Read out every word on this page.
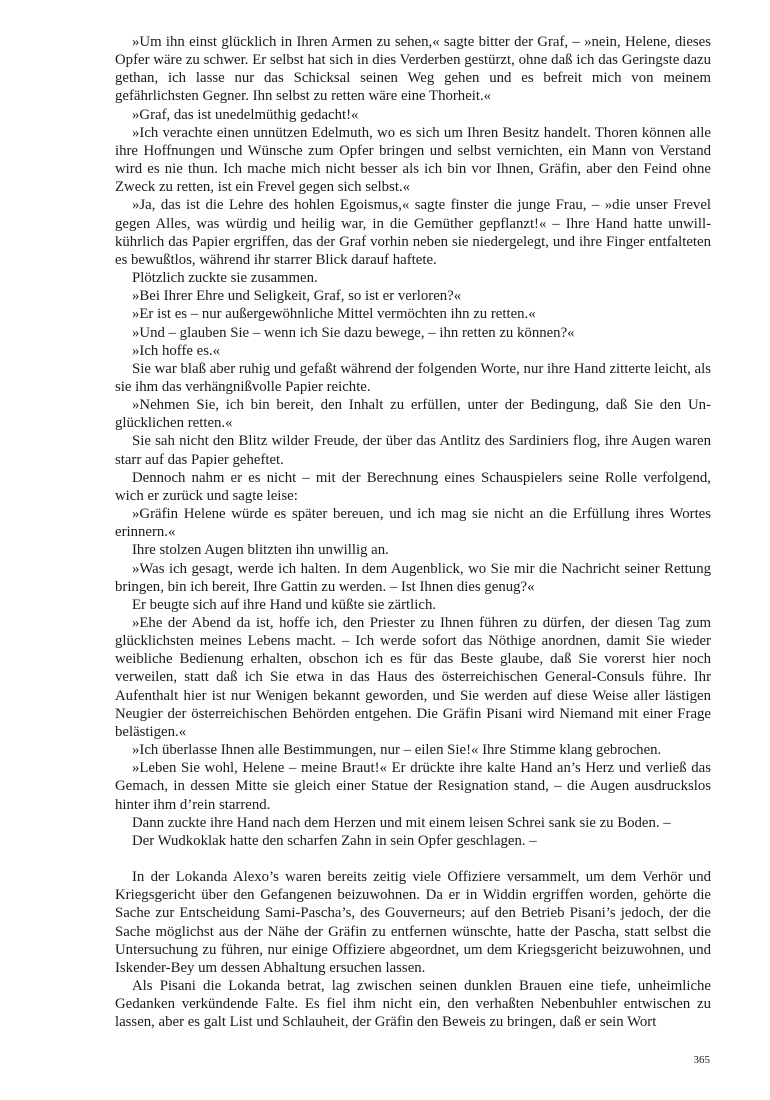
»Um ihn einst glücklich in Ihren Armen zu sehen,« sagte bitter der Graf, – »nein, Helene, dieses Opfer wäre zu schwer. Er selbst hat sich in dies Verderben gestürzt, ohne daß ich das Geringste dazu gethan, ich lasse nur das Schicksal seinen Weg gehen und es befreit mich von meinem gefährlichsten Gegner. Ihn selbst zu retten wäre eine Thorheit.«

»Graf, das ist unedelmüthig gedacht!«

»Ich verachte einen unnützen Edelmuth, wo es sich um Ihren Besitz handelt. Thoren können alle ihre Hoffnungen und Wünsche zum Opfer bringen und selbst vernichten, ein Mann von Verstand wird es nie thun. Ich mache mich nicht besser als ich bin vor Ihnen, Gräfin, aber den Feind ohne Zweck zu retten, ist ein Frevel gegen sich selbst.«

»Ja, das ist die Lehre des hohlen Egoismus,« sagte finster die junge Frau, – »die unser Frevel gegen Alles, was würdig und heilig war, in die Gemüther gepflanzt!« – Ihre Hand hatte unwillkührlich das Papier ergriffen, das der Graf vorhin neben sie niedergelegt, und ihre Finger entfalteten es bewußtlos, während ihr starrer Blick darauf haftete.

Plötzlich zuckte sie zusammen.

»Bei Ihrer Ehre und Seligkeit, Graf, so ist er verloren?«

»Er ist es – nur außergewöhnliche Mittel vermöchten ihn zu retten.«

»Und – glauben Sie – wenn ich Sie dazu bewege, – ihn retten zu können?«

»Ich hoffe es.«

Sie war blaß aber ruhig und gefaßt während der folgenden Worte, nur ihre Hand zitterte leicht, als sie ihm das verhängnißvolle Papier reichte.

»Nehmen Sie, ich bin bereit, den Inhalt zu erfüllen, unter der Bedingung, daß Sie den Unglücklichen retten.«

Sie sah nicht den Blitz wilder Freude, der über das Antlitz des Sardiniers flog, ihre Augen waren starr auf das Papier geheftet.

Dennoch nahm er es nicht – mit der Berechnung eines Schauspielers seine Rolle verfolgend, wich er zurück und sagte leise:

»Gräfin Helene würde es später bereuen, und ich mag sie nicht an die Erfüllung ihres Wortes erinnern.«

Ihre stolzen Augen blitzten ihn unwillig an.

»Was ich gesagt, werde ich halten. In dem Augenblick, wo Sie mir die Nachricht seiner Rettung bringen, bin ich bereit, Ihre Gattin zu werden. – Ist Ihnen dies genug?«

Er beugte sich auf ihre Hand und küßte sie zärtlich.

»Ehe der Abend da ist, hoffe ich, den Priester zu Ihnen führen zu dürfen, der diesen Tag zum glücklichsten meines Lebens macht. – Ich werde sofort das Nöthige anordnen, damit Sie wieder weibliche Bedienung erhalten, obschon ich es für das Beste glaube, daß Sie vorerst hier noch verweilen, statt daß ich Sie etwa in das Haus des österreichischen General-Consuls führe. Ihr Aufenthalt hier ist nur Wenigen bekannt geworden, und Sie werden auf diese Weise aller lästigen Neugier der österreichischen Behörden entgehen. Die Gräfin Pisani wird Niemand mit einer Frage belästigen.«

»Ich überlasse Ihnen alle Bestimmungen, nur – eilen Sie!« Ihre Stimme klang gebrochen.

»Leben Sie wohl, Helene – meine Braut!« Er drückte ihre kalte Hand an’s Herz und verließ das Gemach, in dessen Mitte sie gleich einer Statue der Resignation stand, – die Augen ausdruckslos hinter ihm d’rein starrend.

Dann zuckte ihre Hand nach dem Herzen und mit einem leisen Schrei sank sie zu Boden. –

Der Wudkoklak hatte den scharfen Zahn in sein Opfer geschlagen. –

In der Lokanda Alexo’s waren bereits zeitig viele Offiziere versammelt, um dem Verhör und Kriegsgericht über den Gefangenen beizuwohnen. Da er in Widdin ergriffen worden, gehörte die Sache zur Entscheidung Sami-Pascha’s, des Gouverneurs; auf den Betrieb Pisani’s jedoch, der die Sache möglichst aus der Nähe der Gräfin zu entfernen wünschte, hatte der Pascha, statt selbst die Untersuchung zu führen, nur einige Offiziere abgeordnet, um dem Kriegsgericht beizuwohnen, und Iskender-Bey um dessen Abhaltung ersuchen lassen.

Als Pisani die Lokanda betrat, lag zwischen seinen dunklen Brauen eine tiefe, unheimliche Gedanken verkündende Falte. Es fiel ihm nicht ein, den verhaßten Nebenbuhler entwischen zu lassen, aber es galt List und Schlauheit, der Gräfin den Beweis zu bringen, daß er sein Wort

365
